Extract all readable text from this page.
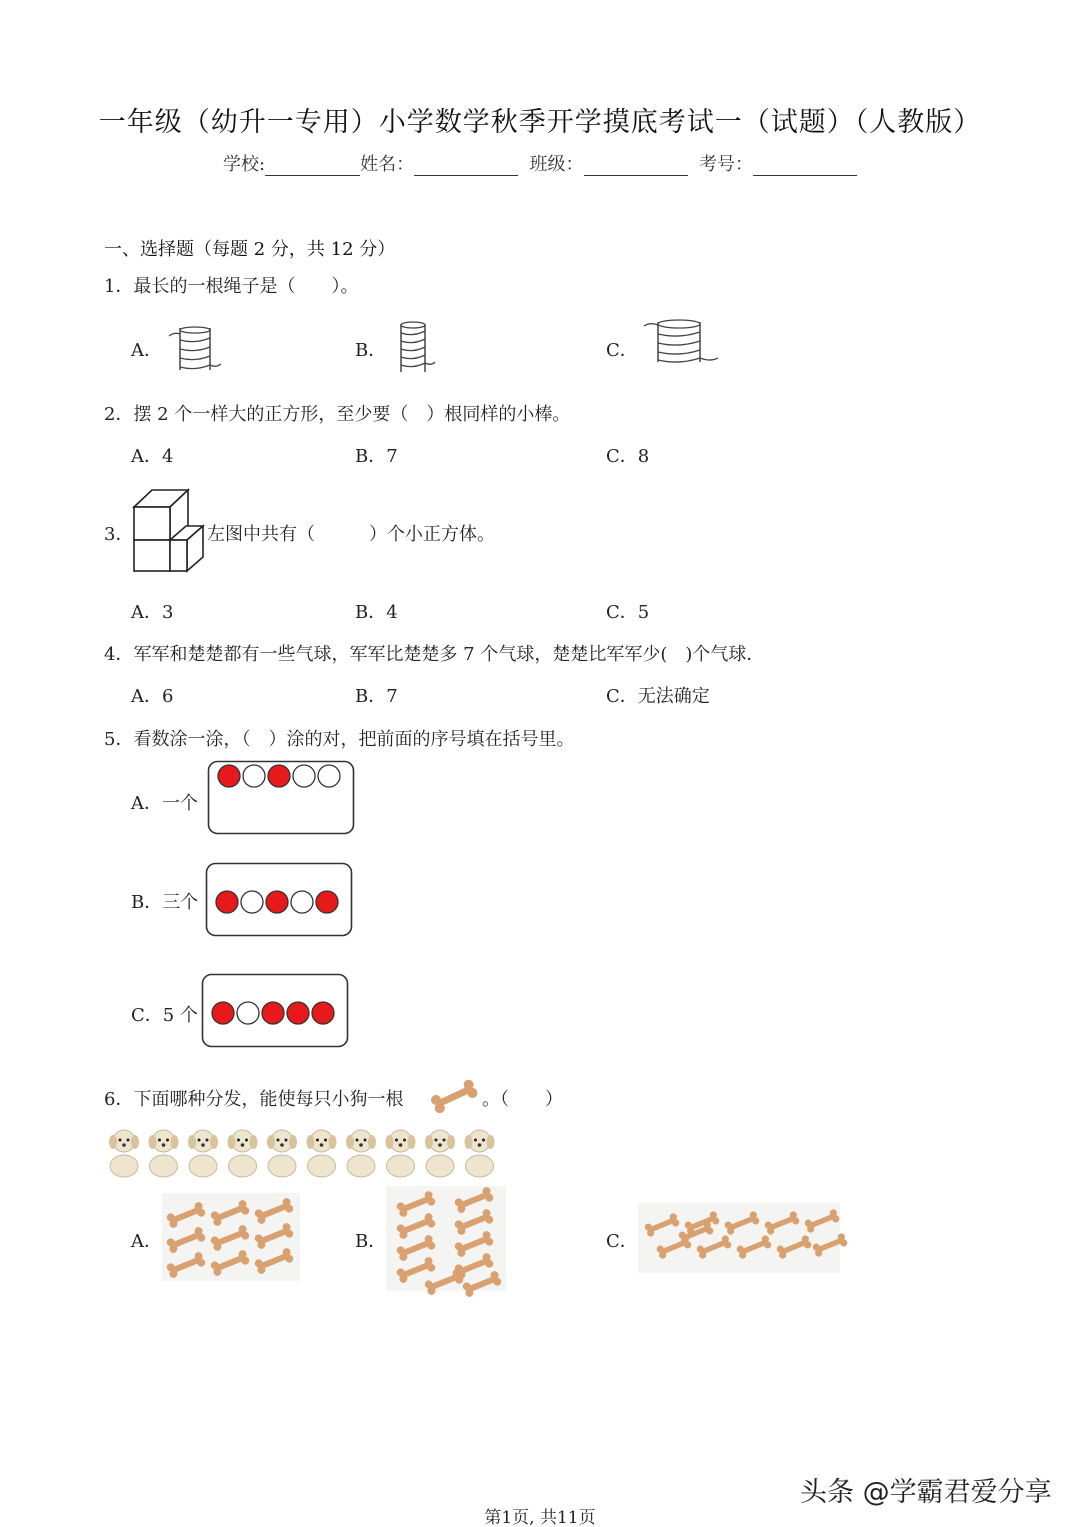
一年级（幼升一专用）小学数学秋季开学摸底考试一（试题）（人教版）
学校:	姓名：	班级：	考号：
一、选择题（每题 2 分，共 12 分）
1．最长的一根绳子是（　　）。
A．	B．	C．
2．摆 2 个一样大的正方形，至少要（　）根同样的小棒。
A．4	B．7	C．8
3．	左图中共有（　　　）个小正方体。
A．3	B．4	C．5
4．军军和楚楚都有一些气球，军军比楚楚多 7 个气球，楚楚比军军少(　)个气球．
A．6	B．7	C．无法确定
5．看数涂一涂，（　）涂的对，把前面的序号填在括号里。
A．一个
B．三个
C．5 个
6．下面哪种分发，能使每只小狗一根	。（　　）
A．	B．	C．
头条 @学霸君爱分享
第1页, 共11页
